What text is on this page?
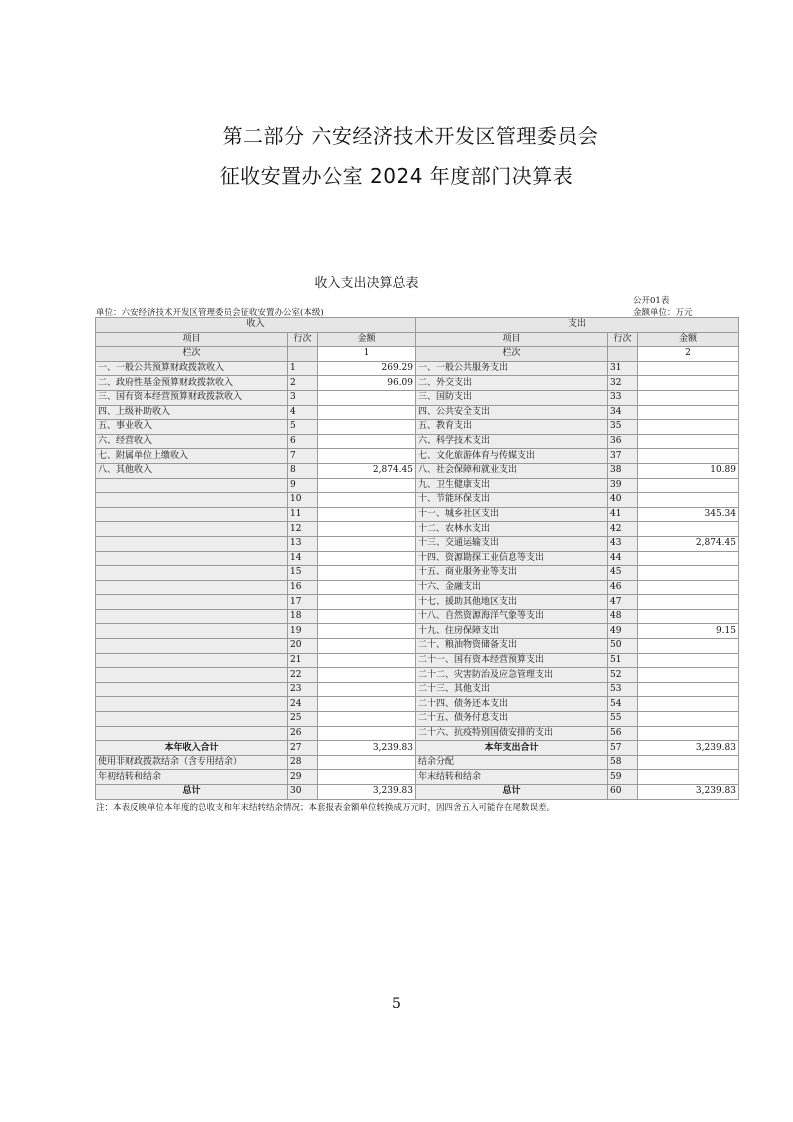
第二部分 六安经济技术开发区管理委员会
征收安置办公室 2024 年度部门决算表
收入支出决算总表
公开01表
单位：六安经济技术开发区管理委员会征收安置办公室(本级)	金额单位：万元
收入			支出		
项目	行次	金额	项目	行次	金额
栏次		1	栏次		2
一、一般公共预算财政拨款收入	1	269.29	一、一般公共服务支出	31	
二、政府性基金预算财政拨款收入	2	96.09	二、外交支出	32	
三、国有资本经营预算财政拨款收入	3		三、国防支出	33	
四、上级补助收入	4		四、公共安全支出	34	
五、事业收入	5		五、教育支出	35	
六、经营收入	6		六、科学技术支出	36	
七、附属单位上缴收入	7		七、文化旅游体育与传媒支出	37	
八、其他收入	8	2,874.45	八、社会保障和就业支出	38	10.89
	9		九、卫生健康支出	39	
	10		十、节能环保支出	40	
	11		十一、城乡社区支出	41	345.34
	12		十二、农林水支出	42	
	13		十三、交通运输支出	43	2,874.45
	14		十四、资源勘探工业信息等支出	44	
	15		十五、商业服务业等支出	45	
	16		十六、金融支出	46	
	17		十七、援助其他地区支出	47	
	18		十八、自然资源海洋气象等支出	48	
	19		十九、住房保障支出	49	9.15
	20		二十、粮油物资储备支出	50	
	21		二十一、国有资本经营预算支出	51	
	22		二十二、灾害防治及应急管理支出	52	
	23		二十三、其他支出	53	
	24		二十四、债务还本支出	54	
	25		二十五、债务付息支出	55	
	26		二十六、抗疫特别国债安排的支出	56	
本年收入合计	27	3,239.83	本年支出合计	57	3,239.83
使用非财政拨款结余（含专用结余）	28		结余分配	58	
年初结转和结余	29		年末结转和结余	59	
总计	30	3,239.83	总计	60	3,239.83
注：本表反映单位本年度的总收支和年末结转结余情况；本套报表金额单位转换成万元时，因四舍五入可能存在尾数误差。
5
